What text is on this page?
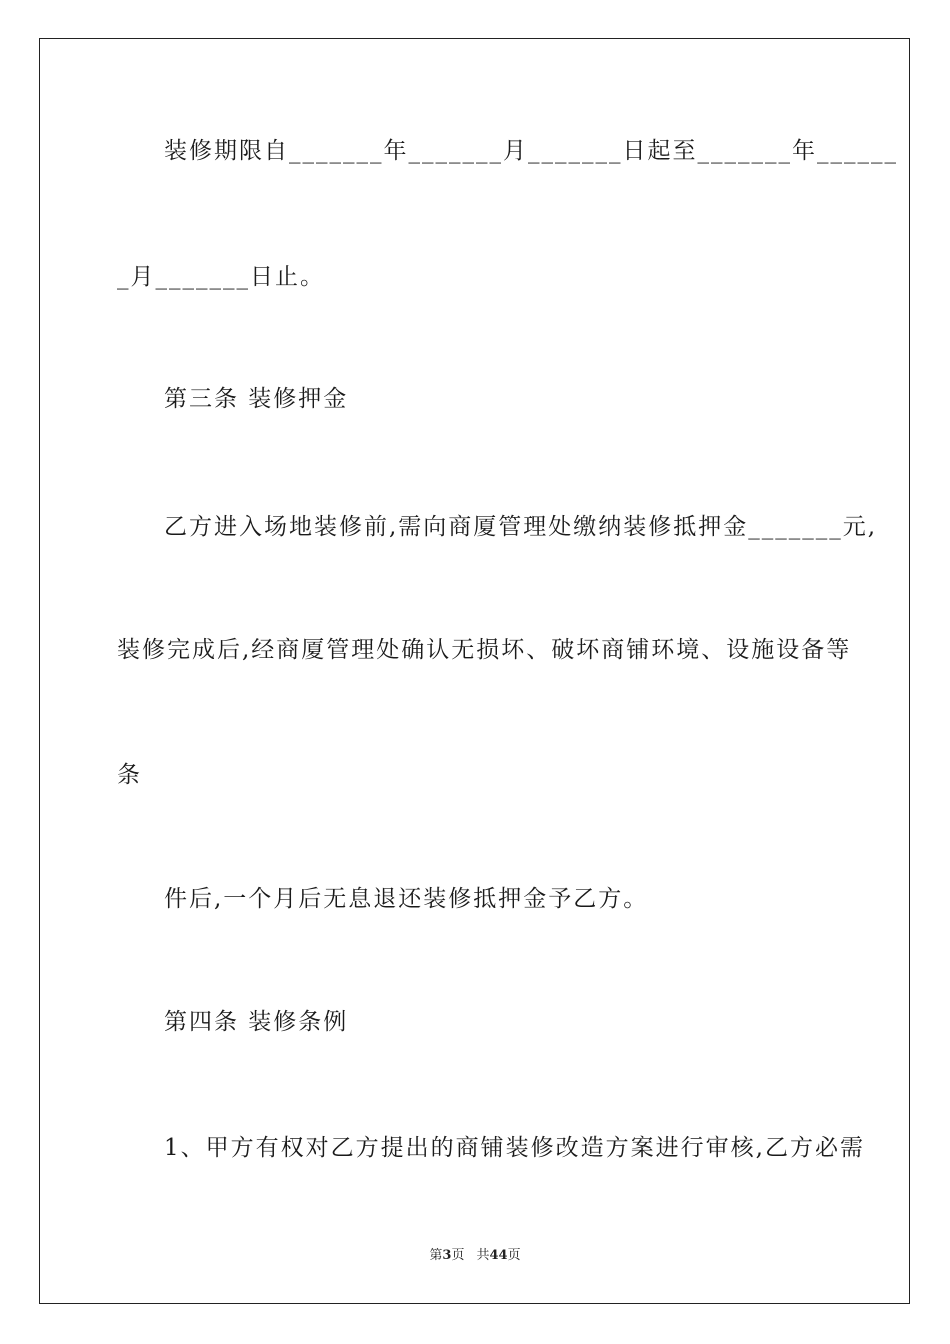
装修期限自_______年_______月_______日起至_______年______
_月_______日止。
第三条 装修押金
乙方进入场地装修前,需向商厦管理处缴纳装修抵押金_______元,
装修完成后,经商厦管理处确认无损坏、破坏商铺环境、设施设备等
条
件后,一个月后无息退还装修抵押金予乙方。
第四条 装修条例
1、甲方有权对乙方提出的商铺装修改造方案进行审核,乙方必需
第3页 共44页
